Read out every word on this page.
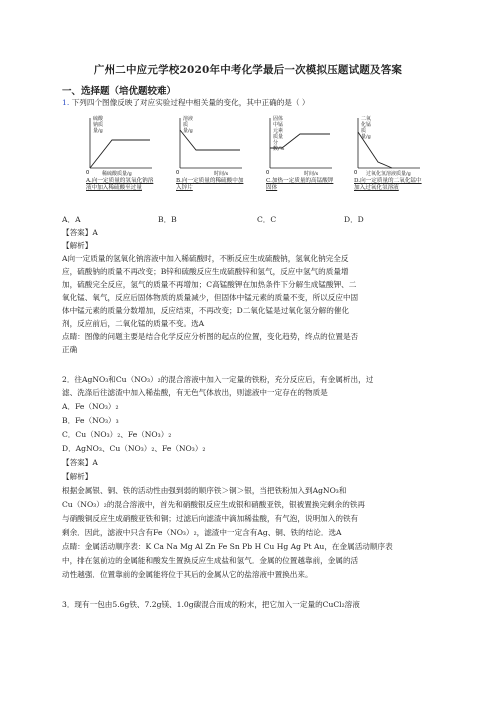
广州二中应元学校2020年中考化学最后一次模拟压题试题及答案
一、选择题（培优题较难）
1. 下列四个图像反映了对应实验过程中相关量的变化，其中正确的是（ ）
0
硫酸钠质量/g
稀硫酸质量/g
A.向一定质量的氢氧化钠溶液中加入稀硫酸至过量
0
溶液质量/g
时间/s
B.向一定质量的稀硫酸中加入锌片
0
固体中锰元素质量分数/%
时间/s
C.加热一定质量的高锰酸钾固体
0
二氧化锰质量/g
过氧化氢溶液质量/g
D.向一定质量的二氧化锰中加入过氧化氢溶液
A．A	B．B	C．C	D．D
【答案】A
【解析】
A向一定质量的氢氧化钠溶液中加入稀硫酸时，不断反应生成硫酸钠，氢氧化钠完全反
应，硫酸钠的质量不再改变；B锌和硫酸反应生成硫酸锌和氢气，反应中氢气的质量增
加，硫酸完全反应，氢气的质量不再增加；C高锰酸钾在加热条件下分解生成锰酸钾、二
氧化锰、氧气，反应后固体物质的质量减少，但固体中锰元素的质量不变，所以反应中固
体中锰元素的质量分数增加，反应结束，不再改变；D二氧化锰是过氧化氢分解的催化
剂，反应前后，二氧化锰的质量不变。选A
点睛：图像的问题主要是结合化学反应分析图的起点的位置，变化趋势，终点的位置是否
正确
2．往AgNO₃和Cu（NO₃）₂的混合溶液中加入一定量的铁粉，充分反应后，有金属析出，过
滤、洗涤后往滤渣中加入稀盐酸，有无色气体放出，则滤液中一定存在的物质是
A．Fe（NO₃）₂
B．Fe（NO₃）₃
C．Cu（NO₃）₂、Fe（NO₃）₂
D．AgNO₃、Cu（NO₃）₂、Fe（NO₃）₂
【答案】A
【解析】
根据金属银、铜、铁的活动性由强到弱的顺序铁＞铜＞银，当把铁粉加入到AgNO₃和
Cu（NO₃）₂的混合溶液中，首先和硝酸银反应生成银和硝酸亚铁，银被置换完剩余的铁再
与硝酸铜反应生成硝酸亚铁和铜；过滤后向滤渣中滴加稀盐酸，有气泡，说明加入的铁有
剩余．因此，滤液中只含有Fe（NO₃）₂，滤渣中一定含有Ag、铜、铁的结论．选A
点睛：金属活动顺序表：K Ca Na Mg Al Zn Fe Sn Pb H Cu Hg Ag Pt Au，在金属活动顺序表
中，排在氢前边的金属能和酸发生置换反应生成盐和氢气．金属的位置越靠前，金属的活
动性越强．位置靠前的金属能将位于其后的金属从它的盐溶液中置换出来。
3．现有一包由5.6g铁、7.2g镁、1.0g碳混合而成的粉末，把它加入一定量的CuCl₂溶液
